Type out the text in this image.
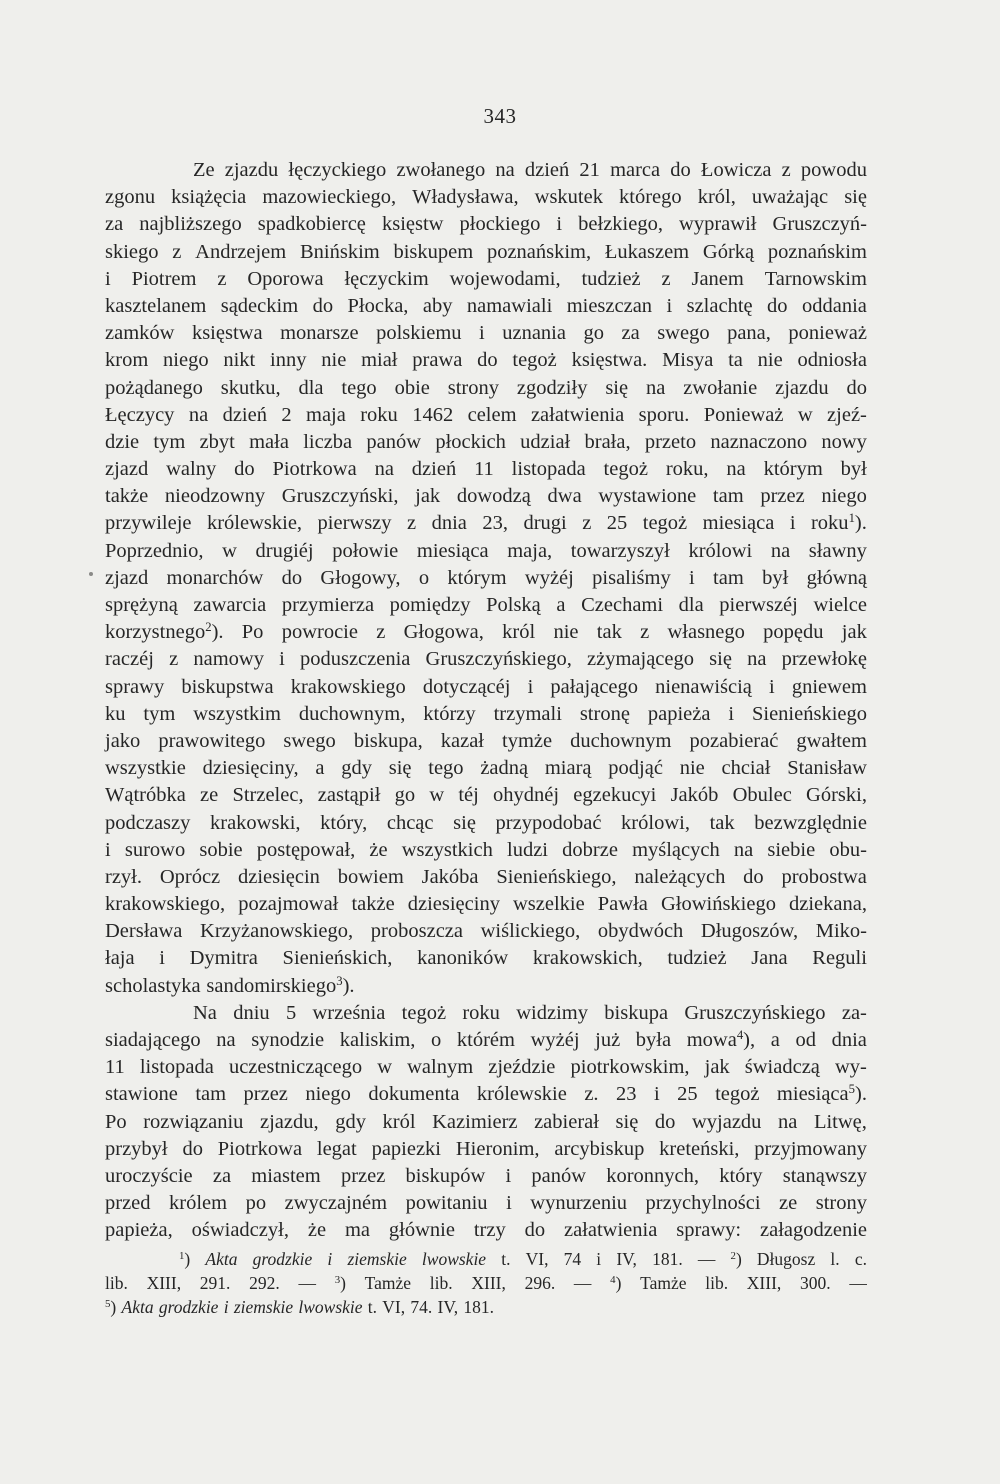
343
Ze zjazdu łęczyckiego zwołanego na dzień 21 marca do Łowicza z powodu
zgonu książęcia mazowieckiego, Władysława, wskutek którego król, uważając się
za najbliższego spadkobiercę księstw płockiego i bełzkiego, wyprawił Gruszczyń-
skiego z Andrzejem Bnińskim biskupem poznańskim, Łukaszem Górką poznańskim
i Piotrem z Oporowa łęczyckim wojewodami, tudzież z Janem Tarnowskim
kasztelanem sądeckim do Płocka, aby namawiali mieszczan i szlachtę do oddania
zamków księstwa monarsze polskiemu i uznania go za swego pana, ponieważ
krom niego nikt inny nie miał prawa do tegoż księstwa. Misya ta nie odniosła
pożądanego skutku, dla tego obie strony zgodziły się na zwołanie zjazdu do
Łęczycy na dzień 2 maja roku 1462 celem załatwienia sporu. Ponieważ w zjeź-
dzie tym zbyt mała liczba panów płockich udział brała, przeto naznaczono nowy
zjazd walny do Piotrkowa na dzień 11 listopada tegoż roku, na którym był
także nieodzowny Gruszczyński, jak dowodzą dwa wystawione tam przez niego
przywileje królewskie, pierwszy z dnia 23, drugi z 25 tegoż miesiąca i roku$^1$).
Poprzednio, w drugiéj połowie miesiąca maja, towarzyszył królowi na sławny
zjazd monarchów do Głogowy, o którym wyżéj pisaliśmy i tam był główną
sprężyną zawarcia przymierza pomiędzy Polską a Czechami dla pierwszéj wielce
korzystnego$^2$). Po powrocie z Głogowa, król nie tak z własnego popędu jak
raczéj z namowy i poduszczenia Gruszczyńskiego, zżymającego się na przewłokę
sprawy biskupstwa krakowskiego dotyczącéj i pałającego nienawiścią i gniewem
ku tym wszystkim duchownym, którzy trzymali stronę papieża i Sienieńskiego
jako prawowitego swego biskupa, kazał tymże duchownym pozabierać gwałtem
wszystkie dziesięciny, a gdy się tego żadną miarą podjąć nie chciał Stanisław
Wątróbka ze Strzelec, zastąpił go w téj ohydnéj egzekucyi Jakób Obulec Górski,
podczaszy krakowski, który, chcąc się przypodobać królowi, tak bezwzględnie
i surowo sobie postępował, że wszystkich ludzi dobrze myślących na siebie obu-
rzył. Oprócz dziesięcin bowiem Jakóba Sienieńskiego, należących do probostwa
krakowskiego, pozajmował także dziesięciny wszelkie Pawła Głowińskiego dziekana,
Dersława Krzyżanowskiego, proboszcza wiślickiego, obydwóch Długoszów, Miko-
łaja i Dymitra Sienieńskich, kanoników krakowskich, tudzież Jana Reguli
scholastyka sandomirskiego$^3$).
Na dniu 5 września tegoż roku widzimy biskupa Gruszczyńskiego za-
siadającego na synodzie kaliskim, o którém wyżéj już była mowa$^4$), a od dnia
11 listopada uczestniczącego w walnym zjeździe piotrkowskim, jak świadczą wy-
stawione tam przez niego dokumenta królewskie z. 23 i 25 tegoż miesiąca$^5$).
Po rozwiązaniu zjazdu, gdy król Kazimierz zabierał się do wyjazdu na Litwę,
przybył do Piotrkowa legat papiezki Hieronim, arcybiskup kreteński, przyjmowany
uroczyście za miastem przez biskupów i panów koronnych, który stanąwszy
przed królem po zwyczajném powitaniu i wynurzeniu przychylności ze strony
papieża, oświadczył, że ma głównie trzy do załatwienia sprawy: załagodzenie
$^1$) Akta grodzkie i ziemskie lwowskie t. VI, 74 i IV, 181. — $^2$) Długosz l. c.
lib. XIII, 291. 292. — $^3$) Tamże lib. XIII, 296. — $^4$) Tamże lib. XIII, 300. —
$^5$) Akta grodzkie i ziemskie lwowskie t. VI, 74. IV, 181.
